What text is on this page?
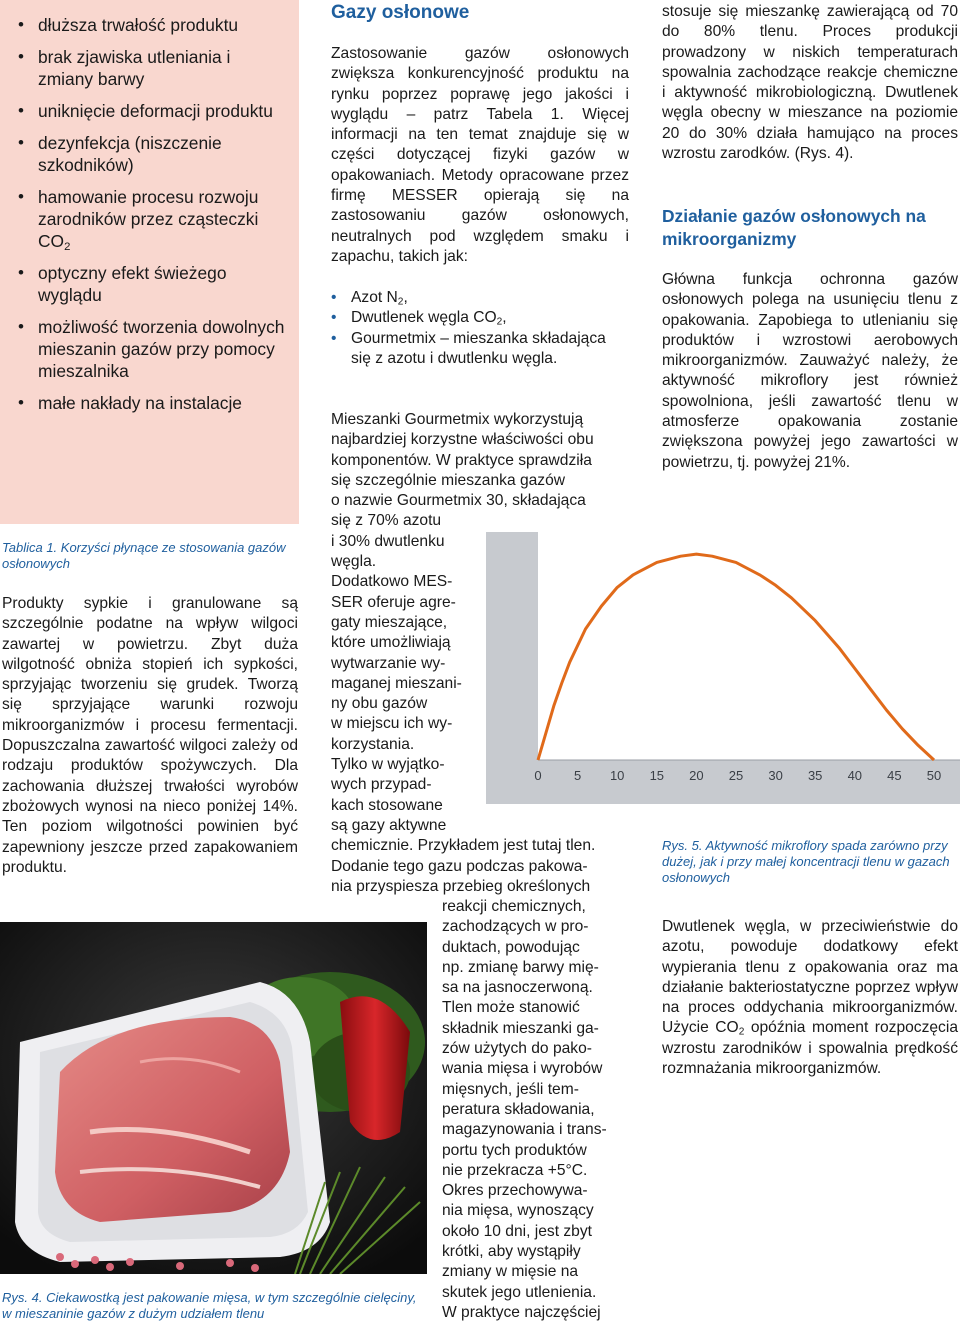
• dłuższa trwałość produktu
• brak zjawiska utleniania i zmiany barwy
• uniknięcie deformacji produktu
• dezynfekcja (niszczenie szkodników)
• hamowanie procesu rozwoju zarodników przez cząsteczki $CO_2$
• optyczny efekt świeżego wyglądu
• możliwość tworzenia dowolnych mieszanin gazów przy pomocy mieszalnika
• małe nakłady na instalacje
Tablica 1. Korzyści płynące ze stosowania gazów osłonowych
Produkty sypkie i granulowane są szczególnie podatne na wpływ wilgoci zawartej w powietrzu. Zbyt duża wilgotność obniża stopień ich sypkości, sprzyjając tworzeniu się grudek. Tworzą się sprzyjające warunki rozwoju mikroorganizmów i procesu fermentacji. Dopuszczalna zawartość wilgoci zależy od rodzaju produktów spożywczych. Dla zachowania dłuższej trwałości wyrobów zbożowych wynosi na nieco poniżej 14%. Ten poziom wilgotności powinien być zapewniony jeszcze przed zapakowaniem produktu.
Rys. 4. Ciekawostką jest pakowanie mięsa, w tym szczególnie cielęciny, w mieszaninie gazów z dużym udziałem tlenu
Gazy osłonowe
Zastosowanie gazów osłonowych zwiększa konkurencyjność produktu na rynku poprzez poprawę jego jakości i wyglądu – patrz Tabela 1. Więcej informacji na ten temat znajduje się w części dotyczącej fizyki gazów w opakowaniach. Metody opracowane przez firmę MESSER opierają się na zastosowaniu gazów osłonowych, neutralnych pod względem smaku i zapachu, takich jak:
• Azot $N_2$,
• Dwutlenek węgla $CO_2$,
• Gourmetmix – mieszanka składająca się z azotu i dwutlenku węgla.
Mieszanki Gourmetmix wykorzystują
najbardziej korzystne właściwości obu
komponentów. W praktyce sprawdziła
się szczególnie mieszanka gazów
o nazwie Gourmetmix 30, składająca
się z 70% azotu
i 30% dwutlenku
węgla.
Dodatkowo MES-
SER oferuje agre-
gaty mieszające,
które umożliwiają
wytwarzanie wy-
maganej mieszani-
ny obu gazów
w miejscu ich wy-
korzystania.
Tylko w wyjątko-
wych przypad-
kach stosowane
są gazy aktywne
chemicznie. Przykładem jest tutaj tlen.
Dodanie tego gazu podczas pakowa-
nia przyspiesza przebieg określonych
reakcji chemicznych,
zachodzących w pro-
duktach, powodując
np. zmianę barwy mię-
sa na jasnoczerwoną.
Tlen może stanowić
składnik mieszanki ga-
zów użytych do pako-
wania mięsa i wyrobów
mięsnych, jeśli tem-
peratura składowania,
magazynowania i trans-
portu tych produktów
nie przekracza +5°C.
Okres przechowywa-
nia mięsa, wynoszący
około 10 dni, jest zbyt
krótki, aby wystąpiły
zmiany w mięsie na
skutek jego utlenienia.
W praktyce najczęściej
0 5 10 15 20 25 30 35 40 45 50
stosuje się mieszankę zawierającą od 70 do 80% tlenu. Proces produkcji prowadzony w niskich temperaturach spowalnia zachodzące reakcje chemiczne i aktywność mikrobiologiczną. Dwutlenek węgla obecny w mieszance na poziomie 20 do 30% działa hamująco na proces wzrostu zarodków. (Rys. 4).
Działanie gazów osłonowych na mikroorganizmy
Główna funkcja ochronna gazów osłonowych polega na usunięciu tlenu z opakowania. Zapobiega to utlenianiu się produktów i wzrostowi aerobowych mikroorganizmów. Zauważyć należy, że aktywność mikroflory jest również spowolniona, jeśli zawartość tlenu w atmosferze opakowania zostanie zwiększona powyżej jego zawartości w powietrzu, tj. powyżej 21%.
Rys. 5. Aktywność mikroflory spada zarówno przy dużej, jak i przy małej koncentracji tlenu w gazach osłonowych
Dwutlenek węgla, w przeciwieństwie do azotu, powoduje dodatkowy efekt wypierania tlenu z opakowania oraz ma działanie bakteriostatyczne poprzez wpływ na proces oddychania mikroorganizmów. Użycie $CO_2$ opóźnia moment rozpoczęcia wzrostu zarodników i spowalnia prędkość rozmnażania mikroorganizmów.
